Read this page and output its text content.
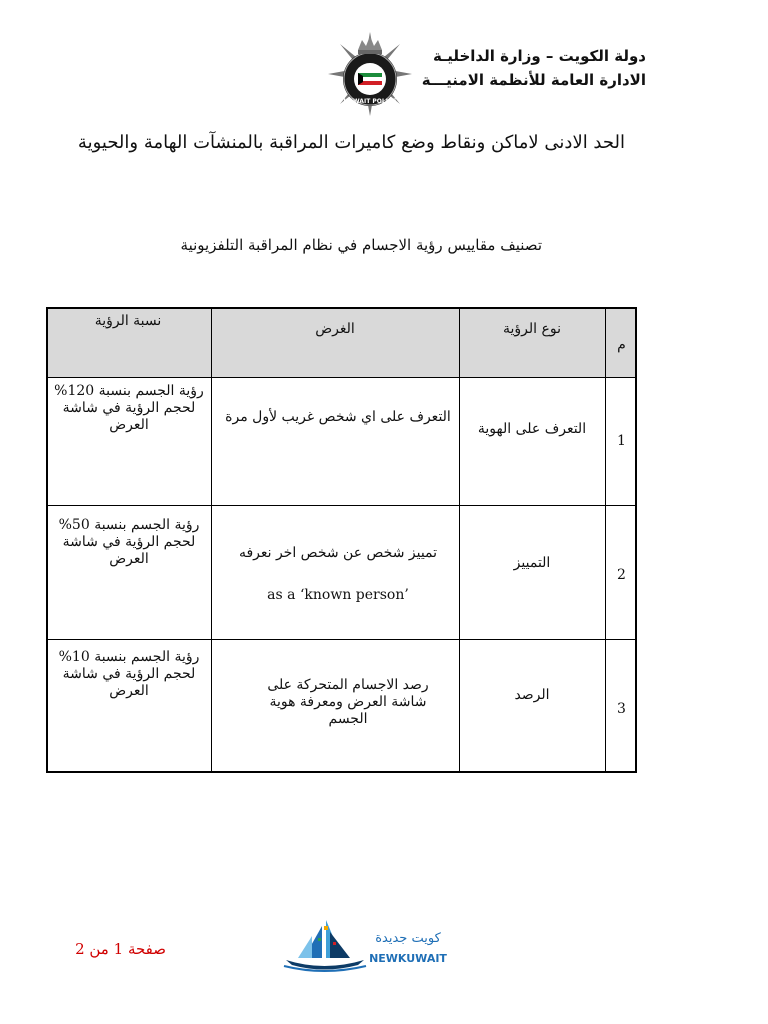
دولة الكويت – وزارة الداخليـة
الادارة العامة للأنظمة الامنيـــة
KUWAIT POLICE
الحد الادنى لاماكن ونقاط وضع كاميرات المراقبة بالمنشآت الهامة والحيوية
تصنيف مقاييس رؤية الاجسام في نظام المراقبة التلفزيونية
م
نوع الرؤية
الغرض
نسبة الرؤية
1
التعرف على الهوية
التعرف على اي شخص غريب لأول مرة
رؤية الجسم بنسبة 120% لحجم الرؤية في شاشة العرض
2
التمييز
تمييز شخص عن شخص اخر نعرفه
as a ‘known person’
رؤية الجسم بنسبة 50% لحجم الرؤية في شاشة العرض
3
الرصد
رصد الاجسام المتحركة على شاشة العرض ومعرفة هوية الجسم
رؤية الجسم بنسبة 10% لحجم الرؤية في شاشة العرض
صفحة 1 من 2
كويت جديدة
NEWKUWAIT
